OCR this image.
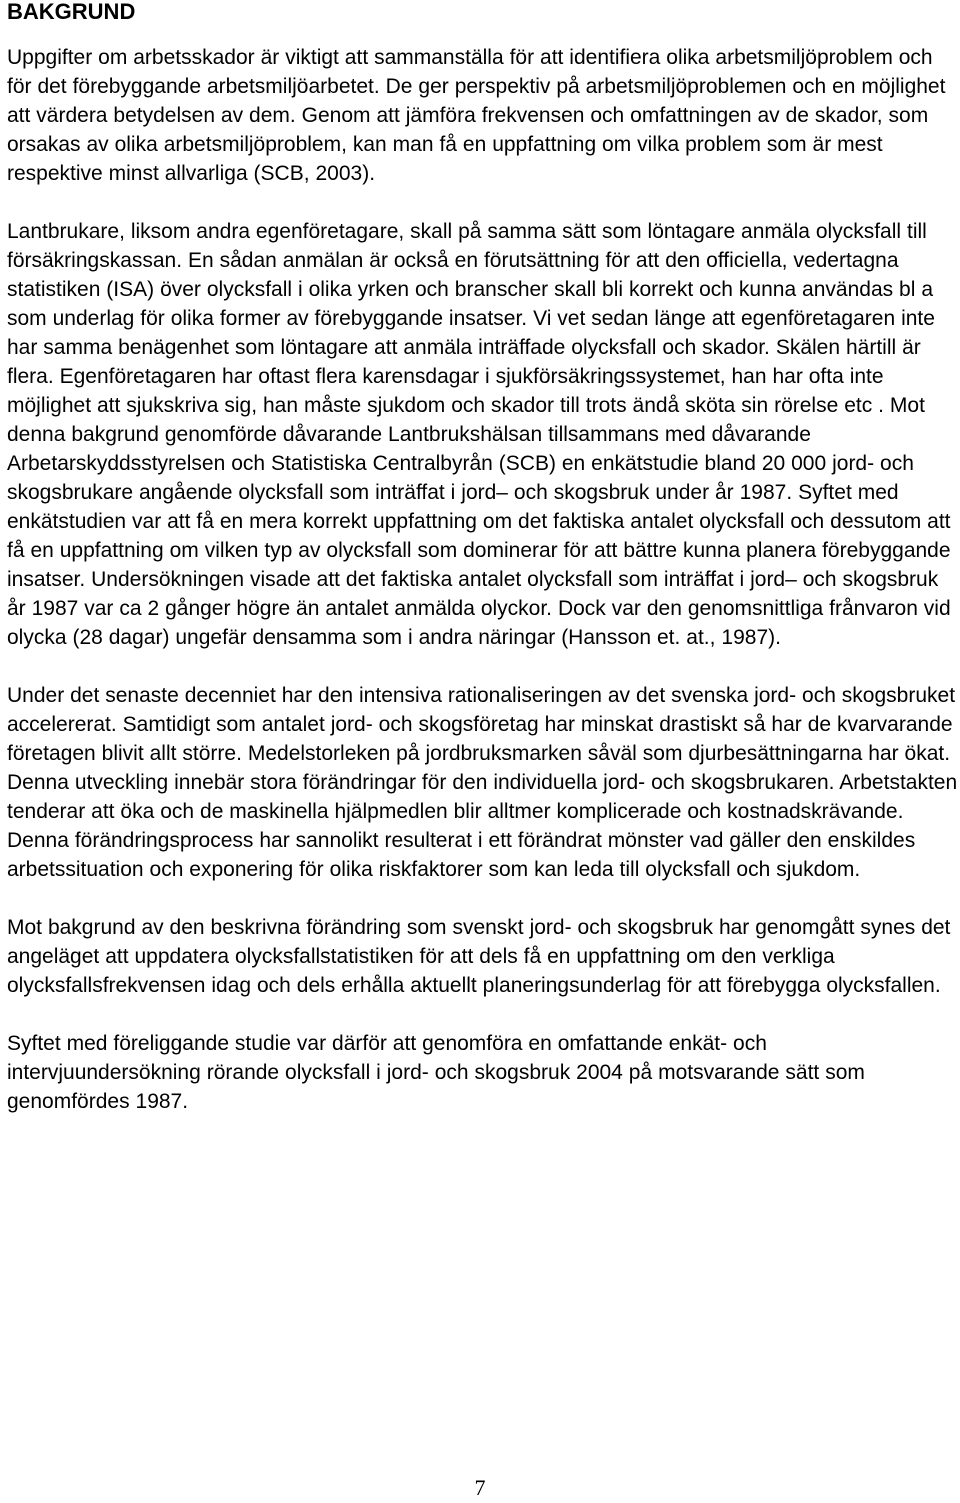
BAKGRUND

Uppgifter om arbetsskador är viktigt att sammanställa för att identifiera olika arbetsmiljöproblem och för det förebyggande arbetsmiljöarbetet. De ger perspektiv på arbetsmiljöproblemen och en möjlighet att värdera betydelsen av dem. Genom att jämföra frekvensen och omfattningen av de skador, som orsakas av olika arbetsmiljöproblem, kan man få en uppfattning om vilka problem som är mest respektive minst allvarliga (SCB, 2003).

Lantbrukare, liksom andra egenföretagare, skall på samma sätt som löntagare anmäla olycksfall till försäkringskassan. En sådan anmälan är också en förutsättning för att den officiella, vedertagna statistiken (ISA) över olycksfall i olika yrken och branscher skall bli korrekt och kunna användas bl a som underlag för olika former av förebyggande insatser. Vi vet sedan länge att egenföretagaren inte har samma benägenhet som löntagare att anmäla inträffade olycksfall och skador. Skälen härtill är flera. Egenföretagaren har oftast flera karensdagar i sjukförsäkringssystemet, han har ofta inte möjlighet att sjukskriva sig, han måste sjukdom och skador till trots ändå sköta sin rörelse etc . Mot denna bakgrund genomförde dåvarande Lantbrukshälsan tillsammans med dåvarande Arbetarskyddsstyrelsen och Statistiska Centralbyrån (SCB) en enkätstudie bland 20 000 jord- och skogsbrukare angående olycksfall som inträffat i jord– och skogsbruk under år 1987. Syftet med enkätstudien var att få en mera korrekt uppfattning om det faktiska antalet olycksfall och dessutom att få en uppfattning om vilken typ av olycksfall som dominerar för att bättre kunna planera förebyggande insatser. Undersökningen visade att det faktiska antalet olycksfall som inträffat i jord– och skogsbruk år 1987 var ca 2 gånger högre än antalet anmälda olyckor. Dock var den genomsnittliga frånvaron vid olycka (28 dagar) ungefär densamma som i andra näringar (Hansson et. at., 1987).

Under det senaste decenniet har den intensiva rationaliseringen av det svenska jord- och skogsbruket accelererat. Samtidigt som antalet jord- och skogsföretag har minskat drastiskt så har de kvarvarande företagen blivit allt större. Medelstorleken på jordbruksmarken såväl som djurbesättningarna har ökat. Denna utveckling innebär stora förändringar för den individuella jord- och skogsbrukaren. Arbetstakten tenderar att öka och de maskinella hjälpmedlen blir alltmer komplicerade och kostnadskrävande. Denna förändringsprocess har sannolikt resulterat i ett förändrat mönster vad gäller den enskildes arbetssituation och exponering för olika riskfaktorer som kan leda till olycksfall och sjukdom.

Mot bakgrund av den beskrivna förändring som svenskt jord- och skogsbruk har genomgått synes det angeläget att uppdatera olycksfallstatistiken för att dels få en uppfattning om den verkliga olycksfallsfrekvensen idag och dels erhålla aktuellt planeringsunderlag för att förebygga olycksfallen.

Syftet med föreliggande studie var därför att genomföra en omfattande enkät- och intervjuundersökning rörande olycksfall i jord- och skogsbruk 2004 på motsvarande sätt som genomfördes 1987.

7
